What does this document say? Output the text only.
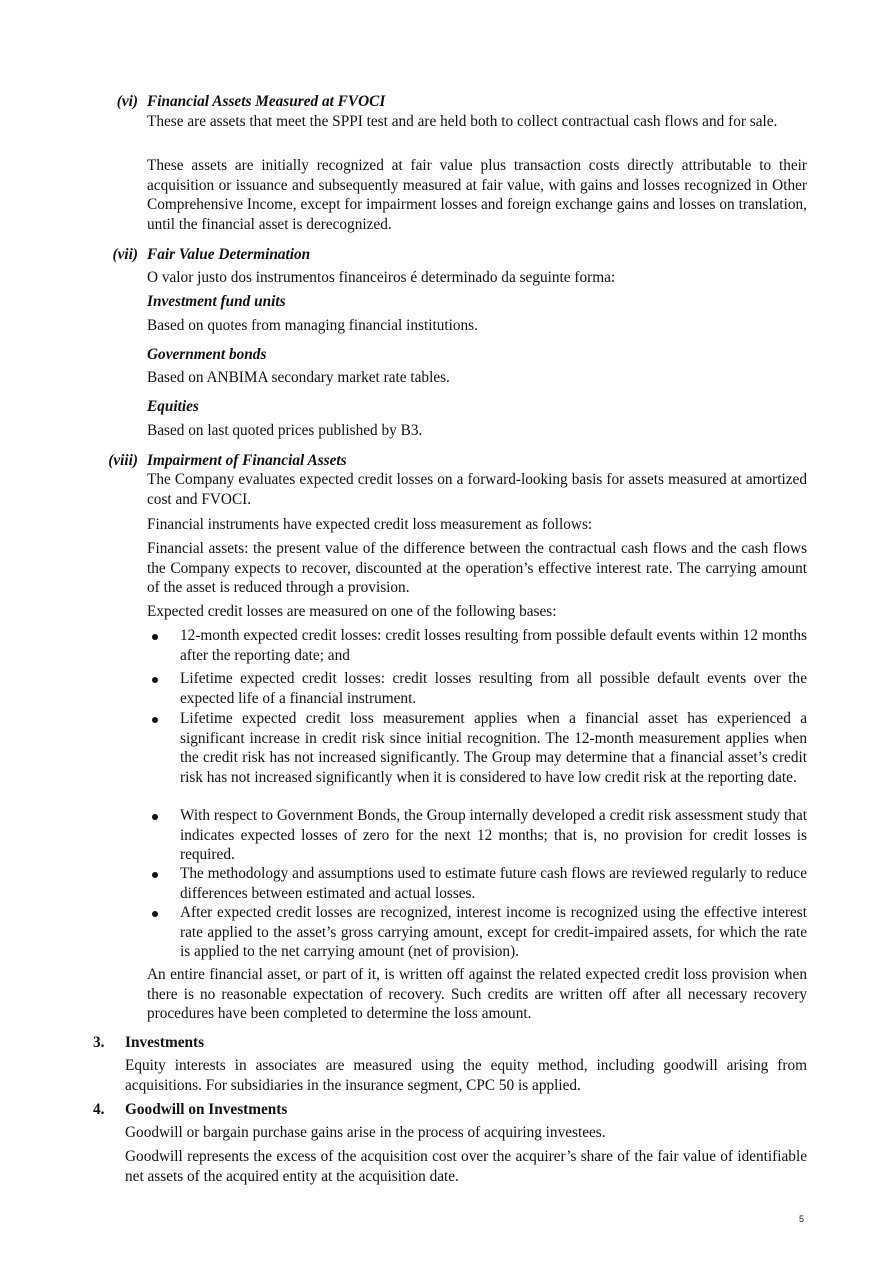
(vi) Financial Assets Measured at FVOCI
These are assets that meet the SPPI test and are held both to collect contractual cash flows and for sale.
These assets are initially recognized at fair value plus transaction costs directly attributable to their acquisition or issuance and subsequently measured at fair value, with gains and losses recognized in Other Comprehensive Income, except for impairment losses and foreign exchange gains and losses on translation, until the financial asset is derecognized.
(vii) Fair Value Determination
O valor justo dos instrumentos financeiros é determinado da seguinte forma:
Investment fund units
Based on quotes from managing financial institutions.
Government bonds
Based on ANBIMA secondary market rate tables.
Equities
Based on last quoted prices published by B3.
(viii) Impairment of Financial Assets
The Company evaluates expected credit losses on a forward-looking basis for assets measured at amortized cost and FVOCI.
Financial instruments have expected credit loss measurement as follows:
Financial assets: the present value of the difference between the contractual cash flows and the cash flows the Company expects to recover, discounted at the operation’s effective interest rate. The carrying amount of the asset is reduced through a provision.
Expected credit losses are measured on one of the following bases:
12-month expected credit losses: credit losses resulting from possible default events within 12 months after the reporting date; and
Lifetime expected credit losses: credit losses resulting from all possible default events over the expected life of a financial instrument.
Lifetime expected credit loss measurement applies when a financial asset has experienced a significant increase in credit risk since initial recognition. The 12-month measurement applies when the credit risk has not increased significantly. The Group may determine that a financial asset’s credit risk has not increased significantly when it is considered to have low credit risk at the reporting date.
With respect to Government Bonds, the Group internally developed a credit risk assessment study that indicates expected losses of zero for the next 12 months; that is, no provision for credit losses is required.
The methodology and assumptions used to estimate future cash flows are reviewed regularly to reduce differences between estimated and actual losses.
After expected credit losses are recognized, interest income is recognized using the effective interest rate applied to the asset’s gross carrying amount, except for credit-impaired assets, for which the rate is applied to the net carrying amount (net of provision).
An entire financial asset, or part of it, is written off against the related expected credit loss provision when there is no reasonable expectation of recovery. Such credits are written off after all necessary recovery procedures have been completed to determine the loss amount.
3. Investments
Equity interests in associates are measured using the equity method, including goodwill arising from acquisitions. For subsidiaries in the insurance segment, CPC 50 is applied.
4. Goodwill on Investments
Goodwill or bargain purchase gains arise in the process of acquiring investees.
Goodwill represents the excess of the acquisition cost over the acquirer’s share of the fair value of identifiable net assets of the acquired entity at the acquisition date.
5
